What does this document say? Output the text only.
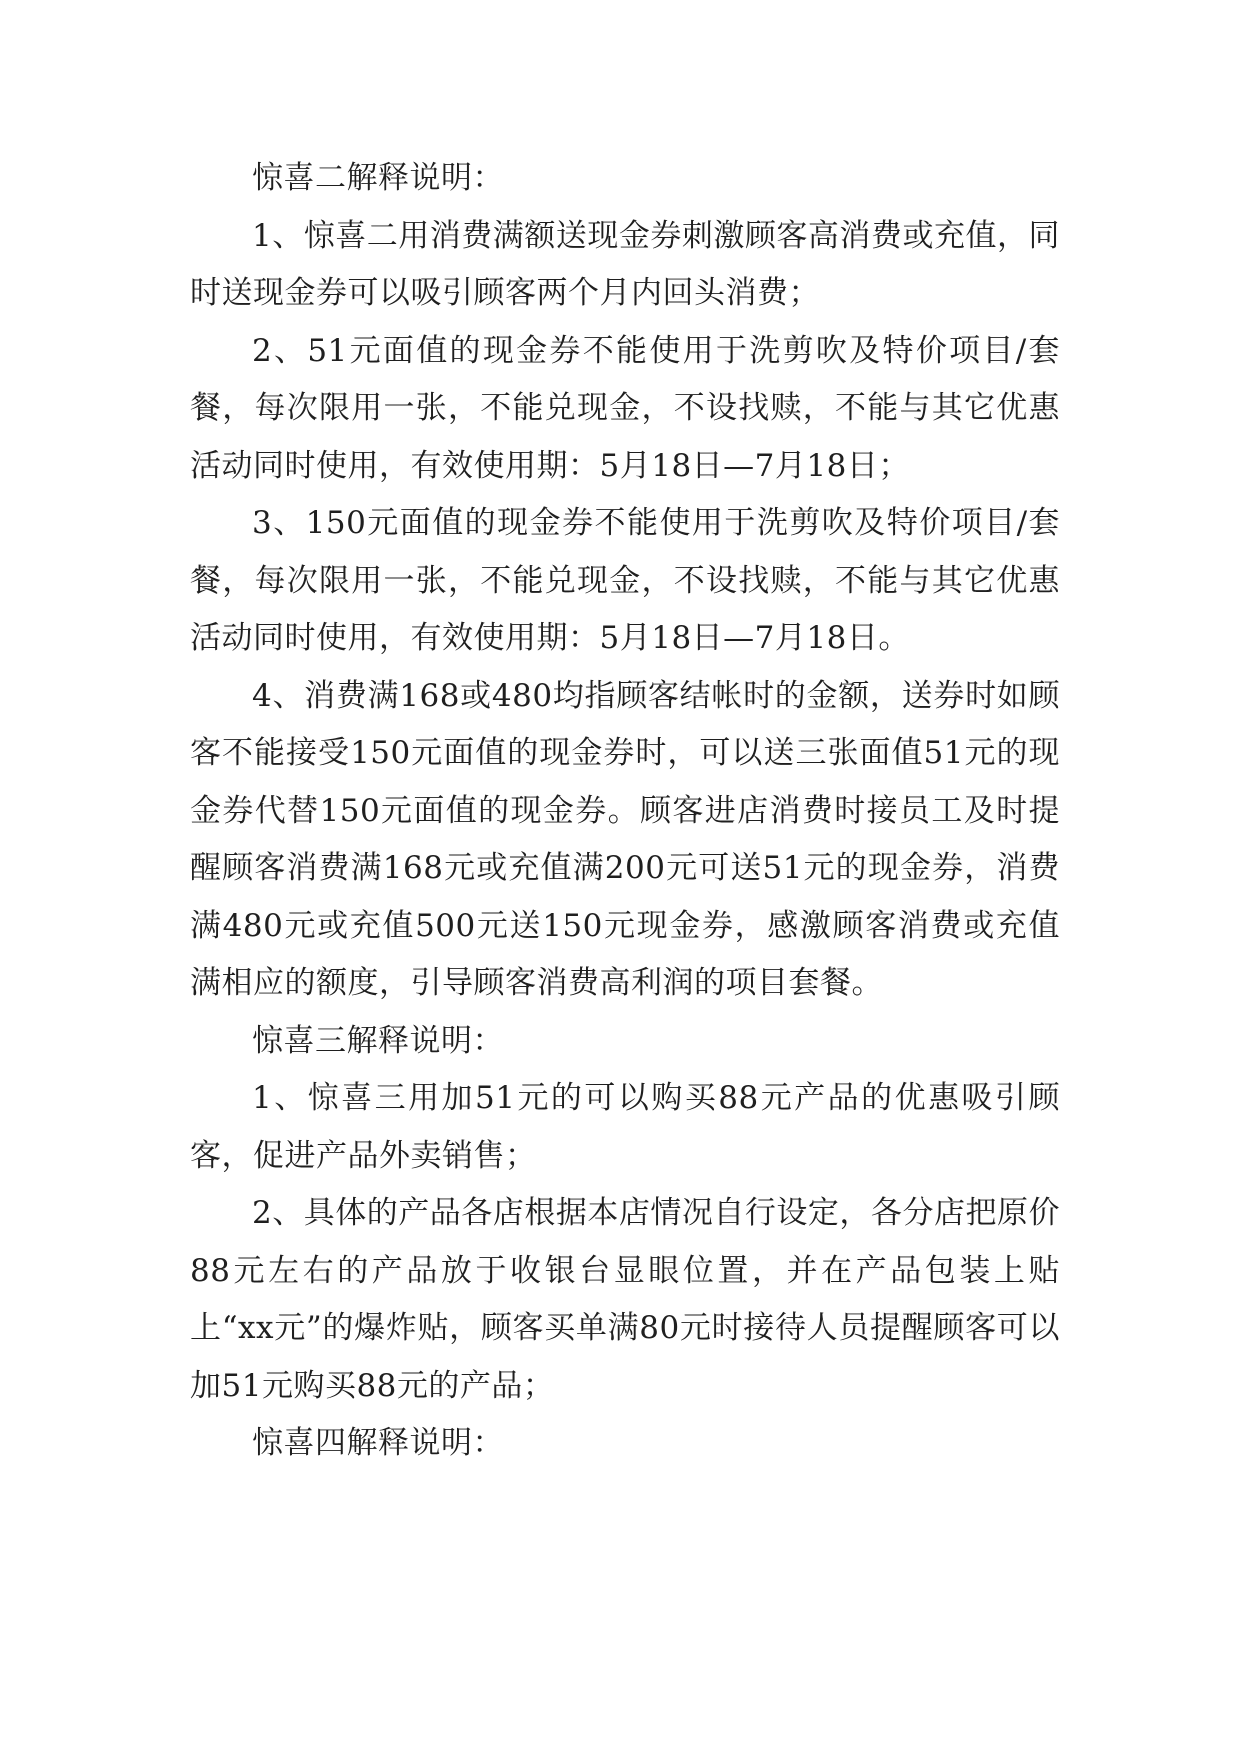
惊喜二解释说明：

1、惊喜二用消费满额送现金券刺激顾客高消费或充值，同时送现金券可以吸引顾客两个月内回头消费；

2、51元面值的现金券不能使用于洗剪吹及特价项目/套餐，每次限用一张，不能兑现金，不设找赎，不能与其它优惠活动同时使用，有效使用期：5月18日—7月18日；

3、150元面值的现金券不能使用于洗剪吹及特价项目/套餐，每次限用一张，不能兑现金，不设找赎，不能与其它优惠活动同时使用，有效使用期：5月18日—7月18日。

4、消费满168或480均指顾客结帐时的金额，送券时如顾客不能接受150元面值的现金券时，可以送三张面值51元的现金券代替150元面值的现金券。顾客进店消费时接员工及时提醒顾客消费满168元或充值满200元可送51元的现金券，消费满480元或充值500元送150元现金券，感激顾客消费或充值满相应的额度，引导顾客消费高利润的项目套餐。

惊喜三解释说明：

1、惊喜三用加51元的可以购买88元产品的优惠吸引顾客，促进产品外卖销售；

2、具体的产品各店根据本店情况自行设定，各分店把原价88元左右的产品放于收银台显眼位置，并在产品包装上贴上“xx元”的爆炸贴，顾客买单满80元时接待人员提醒顾客可以加51元购买88元的产品；

惊喜四解释说明：
